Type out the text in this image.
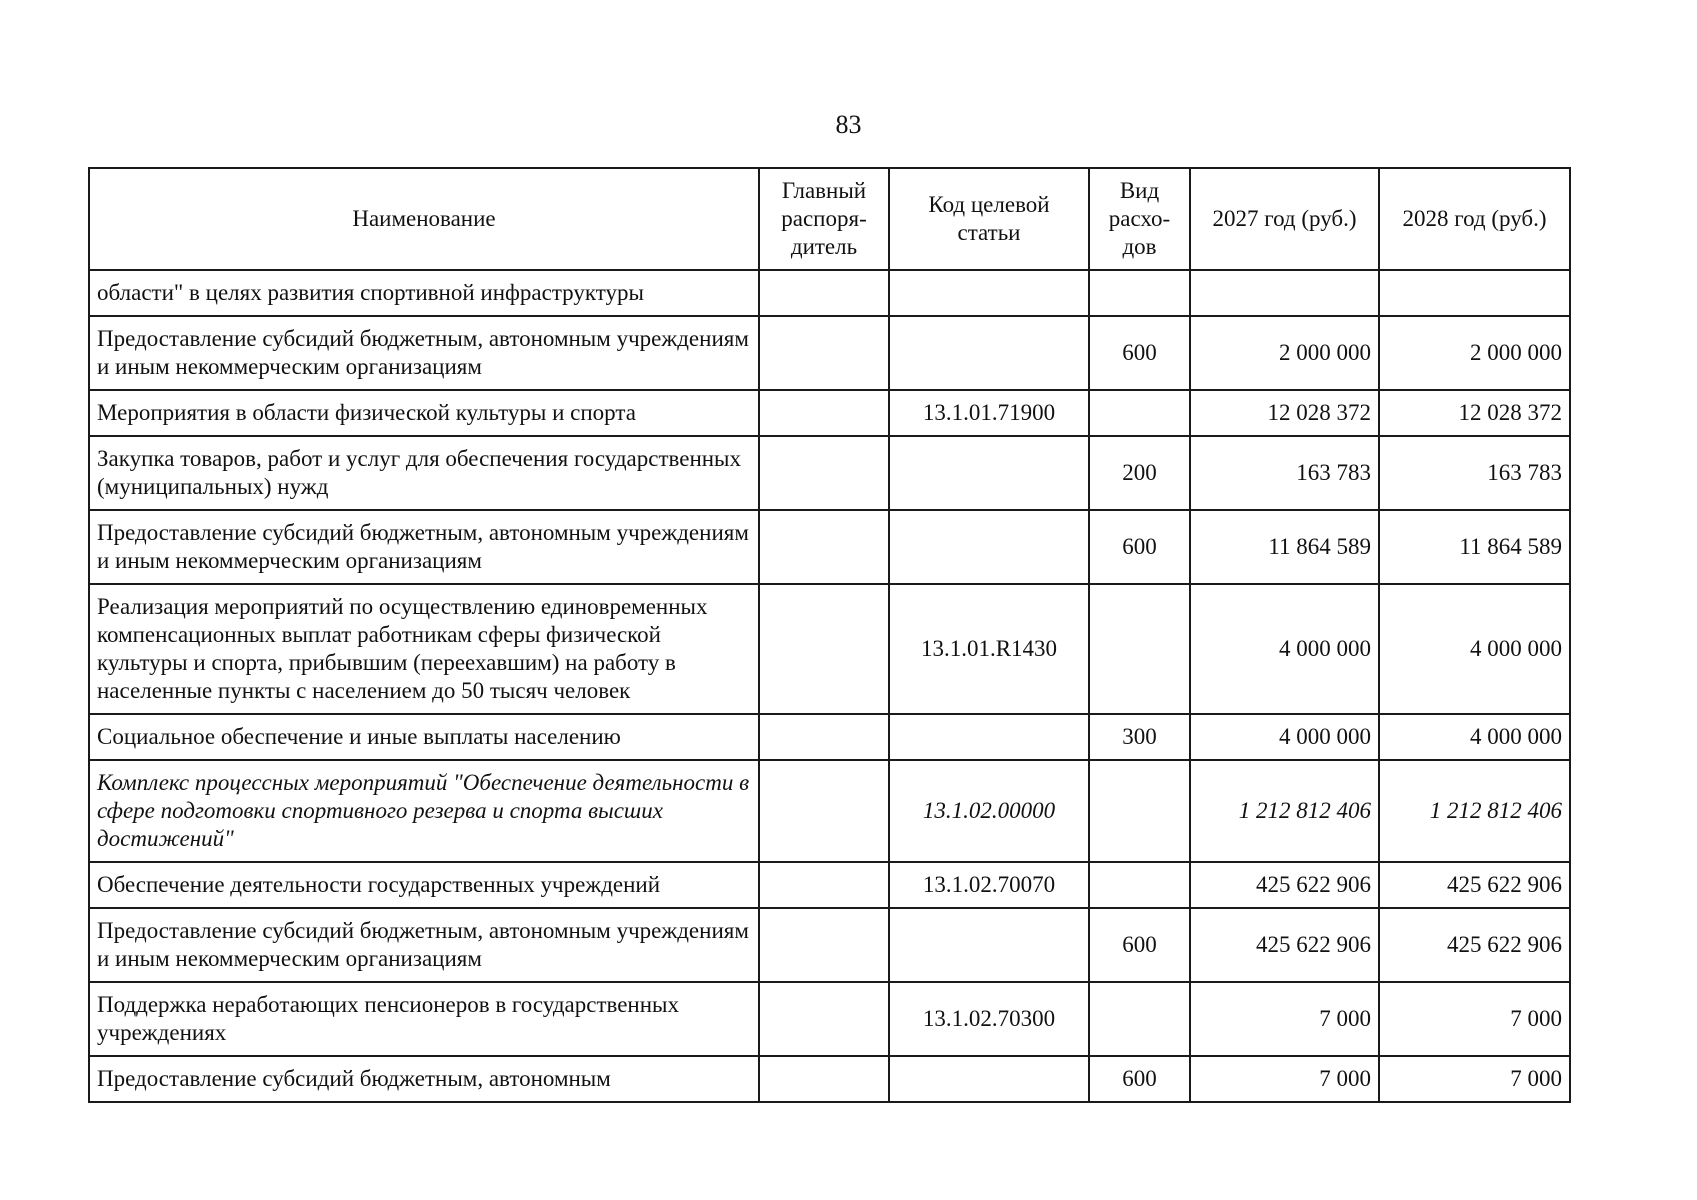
83
Наименование	Главный распоря-дитель	Код целевой статьи	Вид расхо-дов	2027 год (руб.)	2028 год (руб.)
области" в целях развития спортивной инфраструктуры					
Предоставление субсидий бюджетным, автономным учреждениям и иным некоммерческим организациям			600	2 000 000	2 000 000
Мероприятия в области физической культуры и спорта		13.1.01.71900		12 028 372	12 028 372
Закупка товаров, работ и услуг для обеспечения государственных (муниципальных) нужд			200	163 783	163 783
Предоставление субсидий бюджетным, автономным учреждениям и иным некоммерческим организациям			600	11 864 589	11 864 589
Реализация мероприятий по осуществлению единовременных компенсационных выплат работникам сферы физической культуры и спорта, прибывшим (переехавшим) на работу в населенные пункты с населением до 50 тысяч человек		13.1.01.R1430		4 000 000	4 000 000
Социальное обеспечение и иные выплаты населению			300	4 000 000	4 000 000
Комплекс процессных мероприятий "Обеспечение деятельности в сфере подготовки спортивного резерва и спорта высших достижений"		13.1.02.00000		1 212 812 406	1 212 812 406
Обеспечение деятельности государственных учреждений		13.1.02.70070		425 622 906	425 622 906
Предоставление субсидий бюджетным, автономным учреждениям и иным некоммерческим организациям			600	425 622 906	425 622 906
Поддержка неработающих пенсионеров в государственных учреждениях		13.1.02.70300		7 000	7 000
Предоставление субсидий бюджетным, автономным			600	7 000	7 000
